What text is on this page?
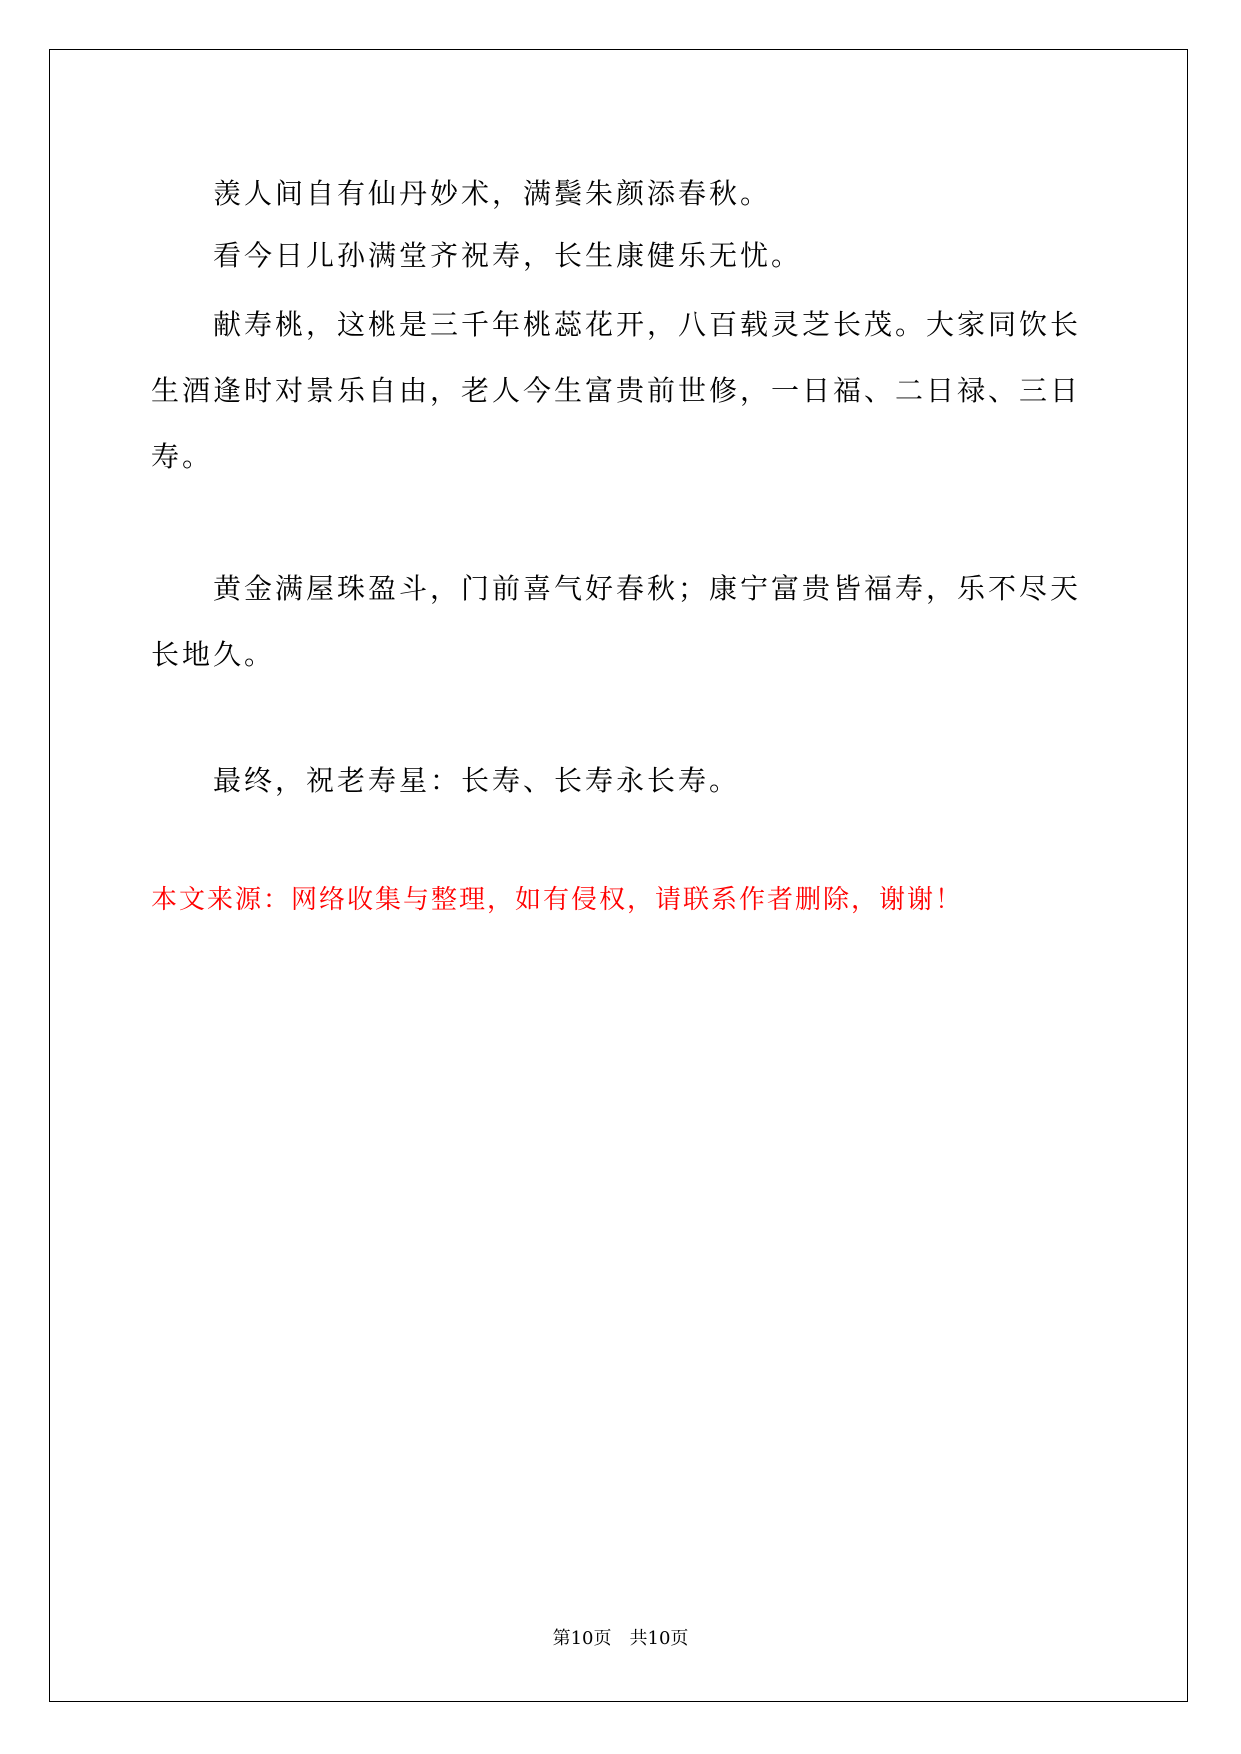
羡人间自有仙丹妙术，满鬓朱颜添春秋。

看今日儿孙满堂齐祝寿，长生康健乐无忧。

献寿桃，这桃是三千年桃蕊花开，八百载灵芝长茂。大家同饮长生酒逢时对景乐自由，老人今生富贵前世修，一日福、二日禄、三日寿。

黄金满屋珠盈斗，门前喜气好春秋；康宁富贵皆福寿，乐不尽天长地久。

最终，祝老寿星：长寿、长寿永长寿。

本文来源：网络收集与整理，如有侵权，请联系作者删除，谢谢！

第10页 共10页
